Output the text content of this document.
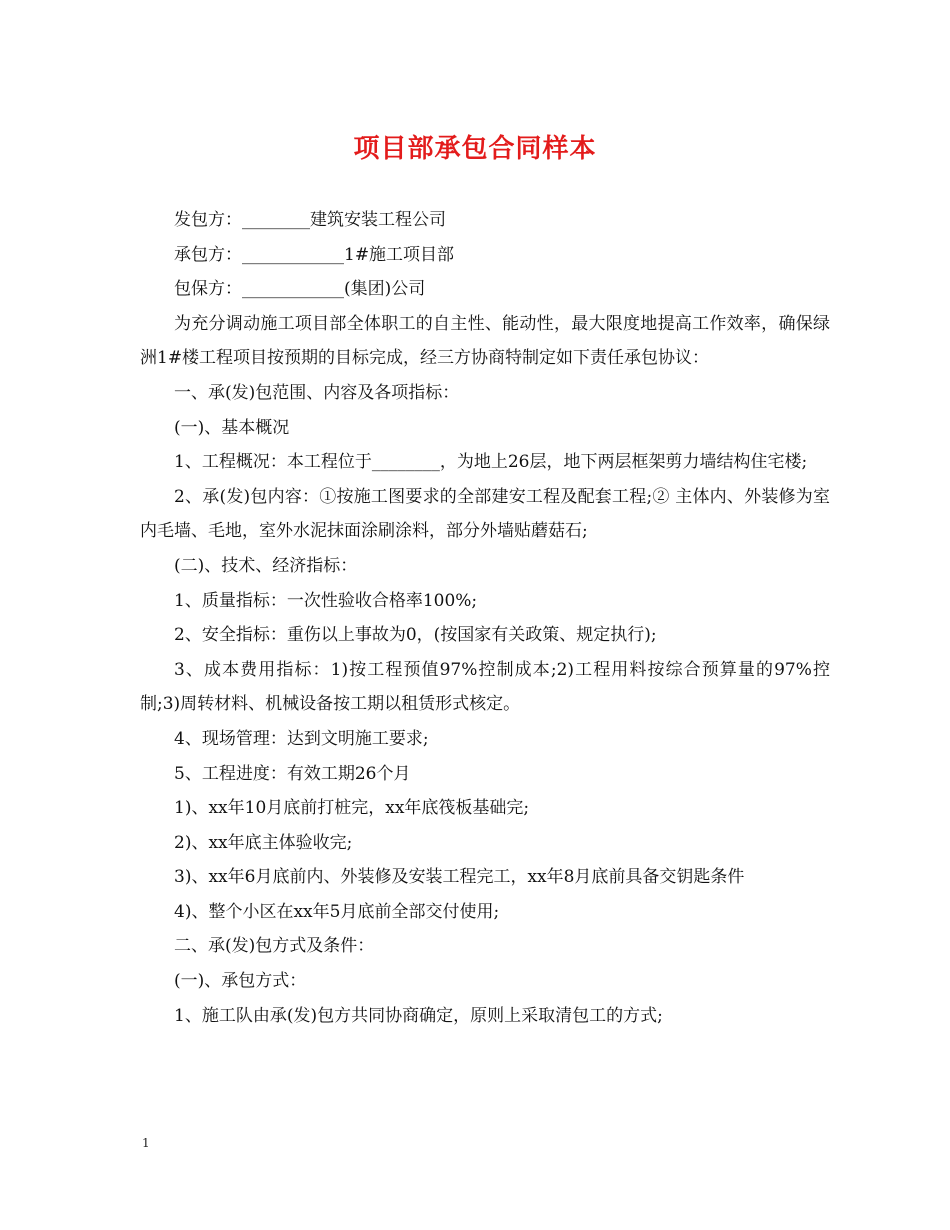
项目部承包合同样本

发包方：________建筑安装工程公司

承包方：____________1#施工项目部

包保方：____________(集团)公司

为充分调动施工项目部全体职工的自主性、能动性，最大限度地提高工作效率，确保绿洲1#楼工程项目按预期的目标完成，经三方协商特制定如下责任承包协议：

一、承(发)包范围、内容及各项指标：

(一)、基本概况

1、工程概况：本工程位于________，为地上26层，地下两层框架剪力墙结构住宅楼;

2、承(发)包内容：①按施工图要求的全部建安工程及配套工程;② 主体内、外装修为室内毛墙、毛地，室外水泥抹面涂刷涂料，部分外墙贴蘑菇石;

(二)、技术、经济指标：

1、质量指标：一次性验收合格率100%;

2、安全指标：重伤以上事故为0，(按国家有关政策、规定执行);

3、成本费用指标：1)按工程预值97%控制成本;2)工程用料按综合预算量的97%控制;3)周转材料、机械设备按工期以租赁形式核定。

4、现场管理：达到文明施工要求;

5、工程进度：有效工期26个月

1)、xx年10月底前打桩完，xx年底筏板基础完;

2)、xx年底主体验收完;

3)、xx年6月底前内、外装修及安装工程完工，xx年8月底前具备交钥匙条件

4)、整个小区在xx年5月底前全部交付使用;

二、承(发)包方式及条件：

(一)、承包方式：

1、施工队由承(发)包方共同协商确定，原则上采取清包工的方式;

1
